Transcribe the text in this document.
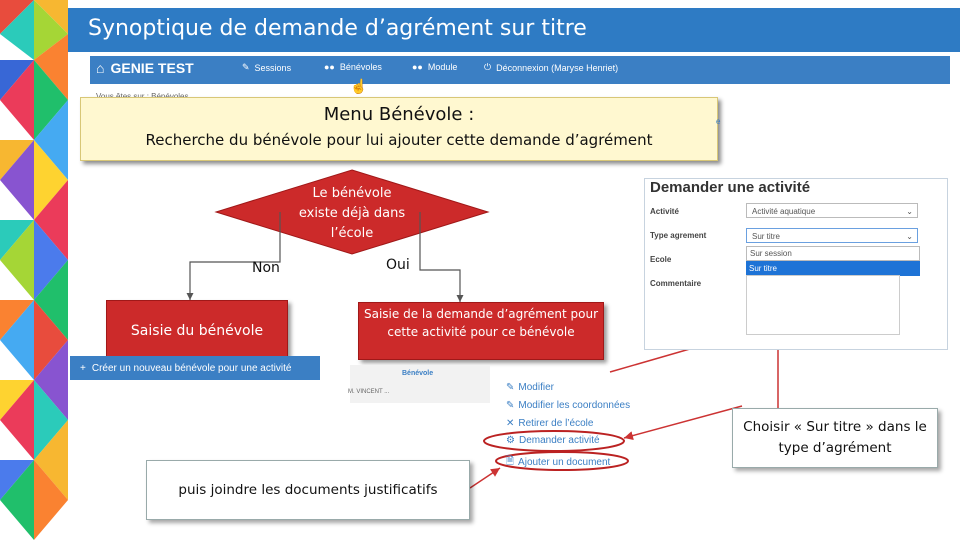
Synoptique de demande d’agrément sur titre
⌂ GENIE TEST	✎ Sessions	●● Bénévoles	●● Module	⏻ Déconnexion (Maryse Henriet)
☝
Menu Bénévole :
Recherche du bénévole pour lui ajouter cette demande d’agrément
e
Le bénévole existe déjà dans l’école
Non	Oui
Saisie du bénévole
Saisie de la demande d’agrément pour cette activité pour ce bénévole
Demander une activité
Activité	Activité aquatique	⌄
Type agrement	Sur titre	⌄
Sur session
Sur titre
Ecole
Commentaire
+ Créer un nouveau bénévole pour une activité	Bénévole
M. VINCENT ...	✎ Modifier
✎ Modifier les coordonnées
✕ Retirer de l’école
⚙ Demander activité
🗎 Ajouter un document
Choisir « Sur titre » dans le type d’agrément
puis joindre les documents justificatifs
